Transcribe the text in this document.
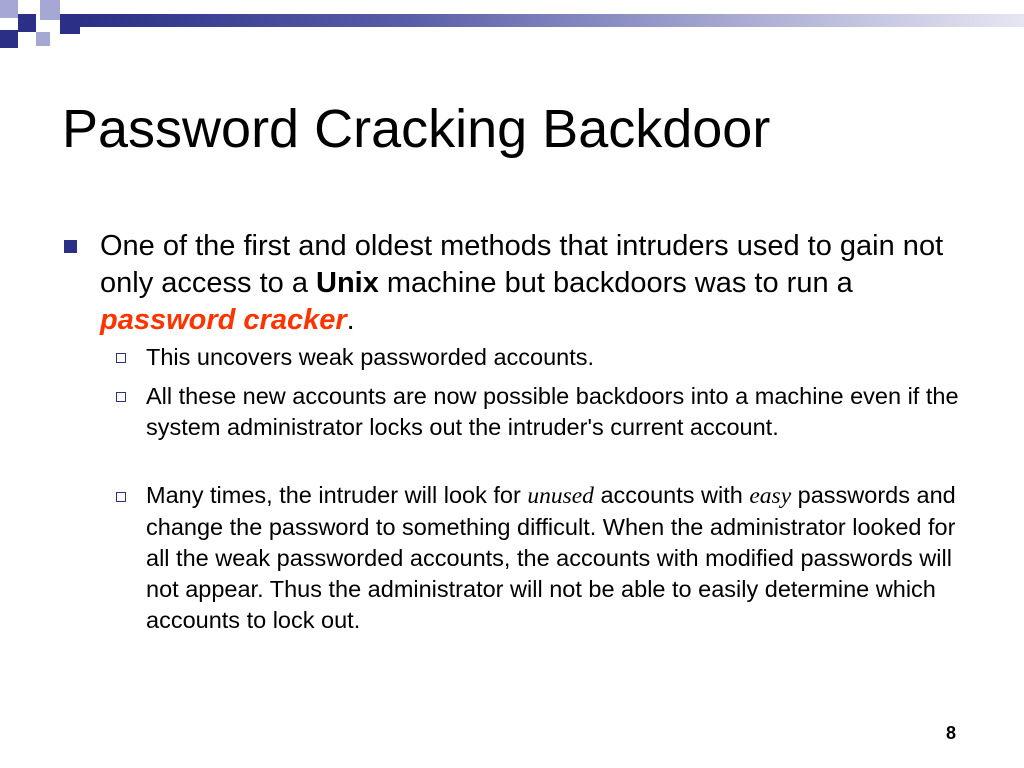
Password Cracking Backdoor
One of the first and oldest methods that intruders used to gain not only access to a Unix machine but backdoors was to run a password cracker.
This uncovers weak passworded accounts.
All these new accounts are now possible backdoors into a machine even if the system administrator locks out the intruder's current account.
Many times, the intruder will look for unused accounts with easy passwords and change the password to something difficult. When the administrator looked for all the weak passworded accounts, the accounts with modified passwords will not appear. Thus the administrator will not be able to easily determine which accounts to lock out.
8
